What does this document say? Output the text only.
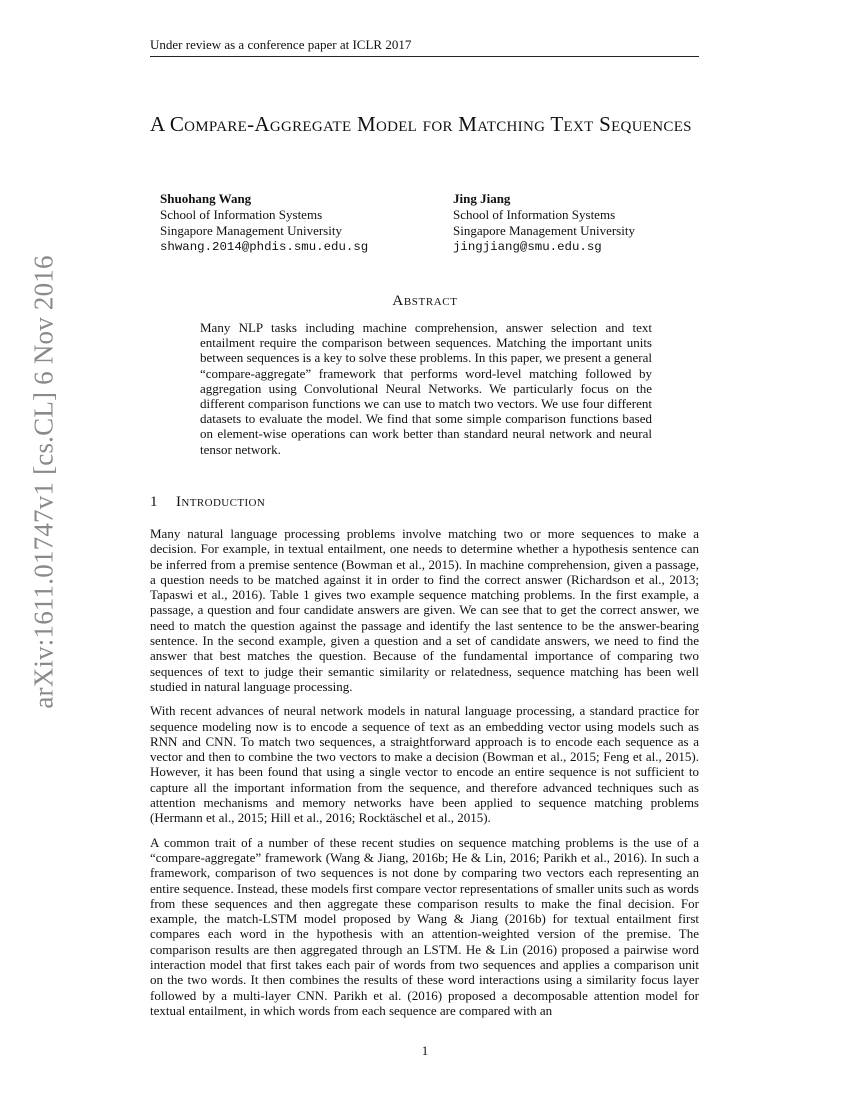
Under review as a conference paper at ICLR 2017
A Compare-Aggregate Model for Matching Text Sequences
Shuohang Wang
School of Information Systems
Singapore Management University
shwang.2014@phdis.smu.edu.sg
Jing Jiang
School of Information Systems
Singapore Management University
jingjiang@smu.edu.sg
arXiv:1611.01747v1 [cs.CL] 6 Nov 2016	Abstract
Many NLP tasks including machine comprehension, answer selection and text entailment require the comparison between sequences. Matching the important units between sequences is a key to solve these problems. In this paper, we present a general “compare-aggregate” framework that performs word-level matching followed by aggregation using Convolutional Neural Networks. We particularly focus on the different comparison functions we can use to match two vectors. We use four different datasets to evaluate the model. We find that some simple comparison functions based on element-wise operations can work better than standard neural network and neural tensor network.
1 Introduction

Many natural language processing problems involve matching two or more sequences to make a decision. For example, in textual entailment, one needs to determine whether a hypothesis sentence can be inferred from a premise sentence (Bowman et al., 2015). In machine comprehension, given a passage, a question needs to be matched against it in order to find the correct answer (Richardson et al., 2013; Tapaswi et al., 2016). Table 1 gives two example sequence matching problems. In the first example, a passage, a question and four candidate answers are given. We can see that to get the correct answer, we need to match the question against the passage and identify the last sentence to be the answer-bearing sentence. In the second example, given a question and a set of candidate answers, we need to find the answer that best matches the question. Because of the fundamental importance of comparing two sequences of text to judge their semantic similarity or relatedness, sequence matching has been well studied in natural language processing.

With recent advances of neural network models in natural language processing, a standard practice for sequence modeling now is to encode a sequence of text as an embedding vector using models such as RNN and CNN. To match two sequences, a straightforward approach is to encode each sequence as a vector and then to combine the two vectors to make a decision (Bowman et al., 2015; Feng et al., 2015). However, it has been found that using a single vector to encode an entire sequence is not sufficient to capture all the important information from the sequence, and therefore advanced techniques such as attention mechanisms and memory networks have been applied to sequence matching problems (Hermann et al., 2015; Hill et al., 2016; Rocktäschel et al., 2015).

A common trait of a number of these recent studies on sequence matching problems is the use of a “compare-aggregate” framework (Wang & Jiang, 2016b; He & Lin, 2016; Parikh et al., 2016). In such a framework, comparison of two sequences is not done by comparing two vectors each representing an entire sequence. Instead, these models first compare vector representations of smaller units such as words from these sequences and then aggregate these comparison results to make the final decision. For example, the match-LSTM model proposed by Wang & Jiang (2016b) for textual entailment first compares each word in the hypothesis with an attention-weighted version of the premise. The comparison results are then aggregated through an LSTM. He & Lin (2016) proposed a pairwise word interaction model that first takes each pair of words from two sequences and applies a comparison unit on the two words. It then combines the results of these word interactions using a similarity focus layer followed by a multi-layer CNN. Parikh et al. (2016) proposed a decomposable attention model for textual entailment, in which words from each sequence are compared with an

1
